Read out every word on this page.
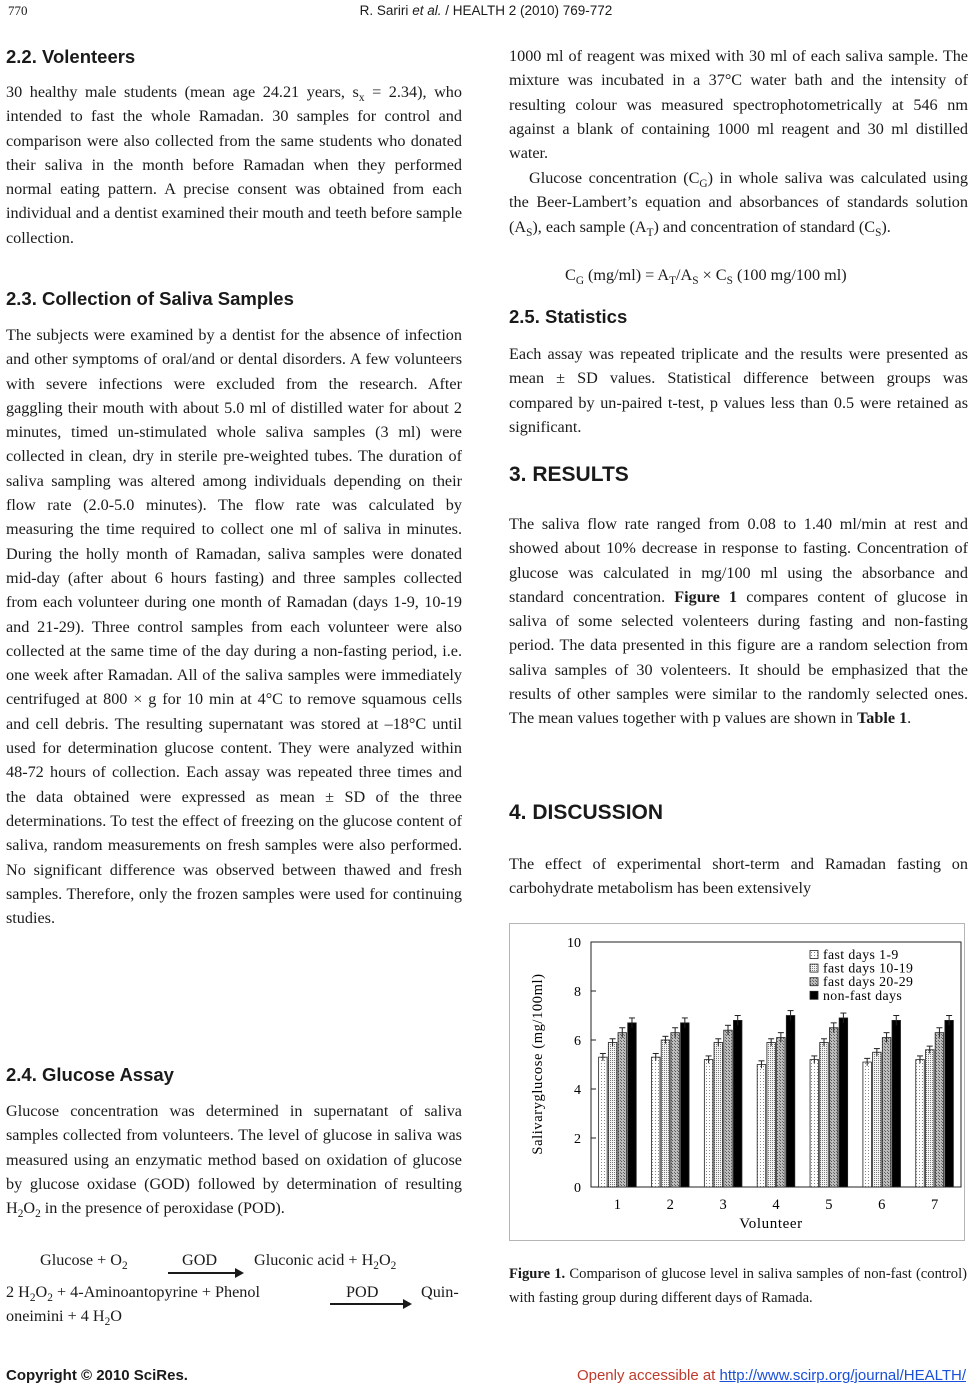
770	R. Sariri et al. / HEALTH 2 (2010) 769-772
2.2. Volenteers

30 healthy male students (mean age 24.21 years, $s_x = 2.34$), who intended to fast the whole Ramadan. 30 samples for control and comparison were also collected from the same students who donated their saliva in the month before Ramadan when they performed normal eating pattern. A precise consent was obtained from each individual and a dentist examined their mouth and teeth before sample collection.

2.3. Collection of Saliva Samples

The subjects were examined by a dentist for the absence of infection and other symptoms of oral/and or dental disorders. A few volunteers with severe infections were excluded from the research. After gaggling their mouth with about 5.0 ml of distilled water for about 2 minutes, timed un-stimulated whole saliva samples (3 ml) were collected in clean, dry in sterile pre-weighted tubes. The duration of saliva sampling was altered among individuals depending on their flow rate (2.0-5.0 minutes). The flow rate was calculated by measuring the time required to collect one ml of saliva in minutes. During the holly month of Ramadan, saliva samples were donated mid-day (after about 6 hours fasting) and three samples collected from each volunteer during one month of Ramadan (days 1-9, 10-19 and 21-29). Three control samples from each volunteer were also collected at the same time of the day during a non-fasting period, i.e. one week after Ramadan. All of the saliva samples were immediately centrifuged at 800 × g for 10 min at 4°C to remove squamous cells and cell debris. The resulting supernatant was stored at –18°C until used for determination glucose content. They were analyzed within 48-72 hours of collection. Each assay was repeated three times and the data obtained were expressed as mean ± SD of the three determinations. To test the effect of freezing on the glucose content of saliva, random measurements on fresh samples were also performed. No significant difference was observed between thawed and fresh samples. Therefore, only the frozen samples were used for continuing studies.

2.4. Glucose Assay

Glucose concentration was determined in supernatant of saliva samples collected from volunteers. The level of glucose in saliva was measured using an enzymatic method based on oxidation of glucose by glucose oxidase (GOD) followed by determination of resulting $H_2O_2$ in the presence of peroxidase (POD).

$Glucose + O_2$	GOD Gluconic acid + $H_2O_2$
2 $H_2O_2$ + 4-Aminoantopyrine + Phenol	POD	Quin-
oneimini + 4 $H_2O$

1000 ml of reagent was mixed with 30 ml of each saliva sample. The mixture was incubated in a 37°C water bath and the intensity of resulting colour was measured spectrophotometrically at 546 nm against a blank of containing 1000 ml reagent and 30 ml distilled water.

Glucose concentration $(C_G)$ in whole saliva was calculated using the Beer-Lambert’s equation and absorbances of standards solution $(A_S)$, each sample $(A_T)$ and concentration of standard $(C_S)$.

$C_G$ $(mg/ml) = A_T/A_S \times C_S$ (100 mg/100 ml)
2.5. Statistics

Each assay was repeated triplicate and the results were presented as mean ± SD values. Statistical difference between groups was compared by un-paired t-test, p values less than 0.5 were retained as significant.

3. RESULTS

The saliva flow rate ranged from 0.08 to 1.40 ml/min at rest and showed about 10% decrease in response to fasting. Concentration of glucose was calculated in mg/100 ml using the absorbance and standard concentration. Figure 1 compares content of glucose in saliva of some selected volenteers during fasting and non-fasting period. The data presented in this figure are a random selection from saliva samples of 30 volenteers. It should be emphasized that the results of other samples were similar to the randomly selected ones. The mean values together with p values are shown in Table 1.

4. DISCUSSION

The effect of experimental short-term and Ramadan fasting on carbohydrate metabolism has been extensively

0
2
4
6
8
10
1	2	3	4	5	6	7
fast days 1-9
fast days 10-19
fast days 20-29
non-fast days
Salivaryglucose (mg/100ml)
Volunteer
Figure 1. Comparison of glucose level in saliva samples of non-fast (control) with fasting group during different days of Ramada.
Copyright © 2010 SciRes.	Openly accessible at http://www.scirp.org/journal/HEALTH/
